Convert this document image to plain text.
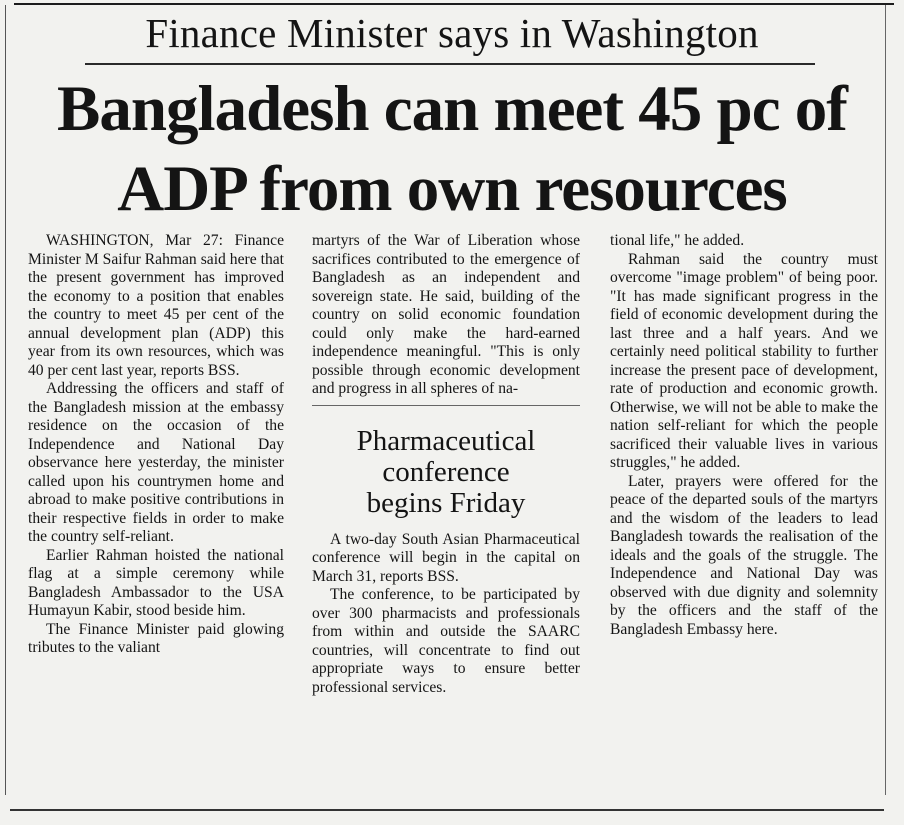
Finance Minister says in Washington
Bangladesh can meet 45 pc of
ADP from own resources

WASHINGTON, Mar 27: Finance Minister M Saifur Rahman said here that the present government has improved the economy to a position that enables the country to meet 45 per cent of the annual development plan (ADP) this year from its own resources, which was 40 per cent last year, reports BSS.

Addressing the officers and staff of the Bangladesh mission at the embassy residence on the occasion of the Independence and National Day observance here yesterday, the minister called upon his countrymen home and abroad to make positive contributions in their respective fields in order to make the country self-reliant.

Earlier Rahman hoisted the national flag at a simple ceremony while Bangladesh Ambassador to the USA Humayun Kabir, stood beside him.

The Finance Minister paid glowing tributes to the valiant

martyrs of the War of Liberation whose sacrifices contributed to the emergence of Bangladesh as an independent and sovereign state. He said, building of the country on solid economic foundation could only make the hard-earned independence meaningful. "This is only possible through economic development and progress in all spheres of na-

Pharmaceutical
conference
begins Friday

A two-day South Asian Pharmaceutical conference will begin in the capital on March 31, reports BSS.

The conference, to be participated by over 300 pharmacists and professionals from within and outside the SAARC countries, will concentrate to find out appropriate ways to ensure better professional services.

tional life," he added.

Rahman said the country must overcome "image problem" of being poor. "It has made significant progress in the field of economic development during the last three and a half years. And we certainly need political stability to further increase the present pace of development, rate of production and economic growth. Otherwise, we will not be able to make the nation self-reliant for which the people sacrificed their valuable lives in various struggles," he added.

Later, prayers were offered for the peace of the departed souls of the martyrs and the wisdom of the leaders to lead Bangladesh towards the realisation of the ideals and the goals of the struggle. The Independence and National Day was observed with due dignity and solemnity by the officers and the staff of the Bangladesh Embassy here.
